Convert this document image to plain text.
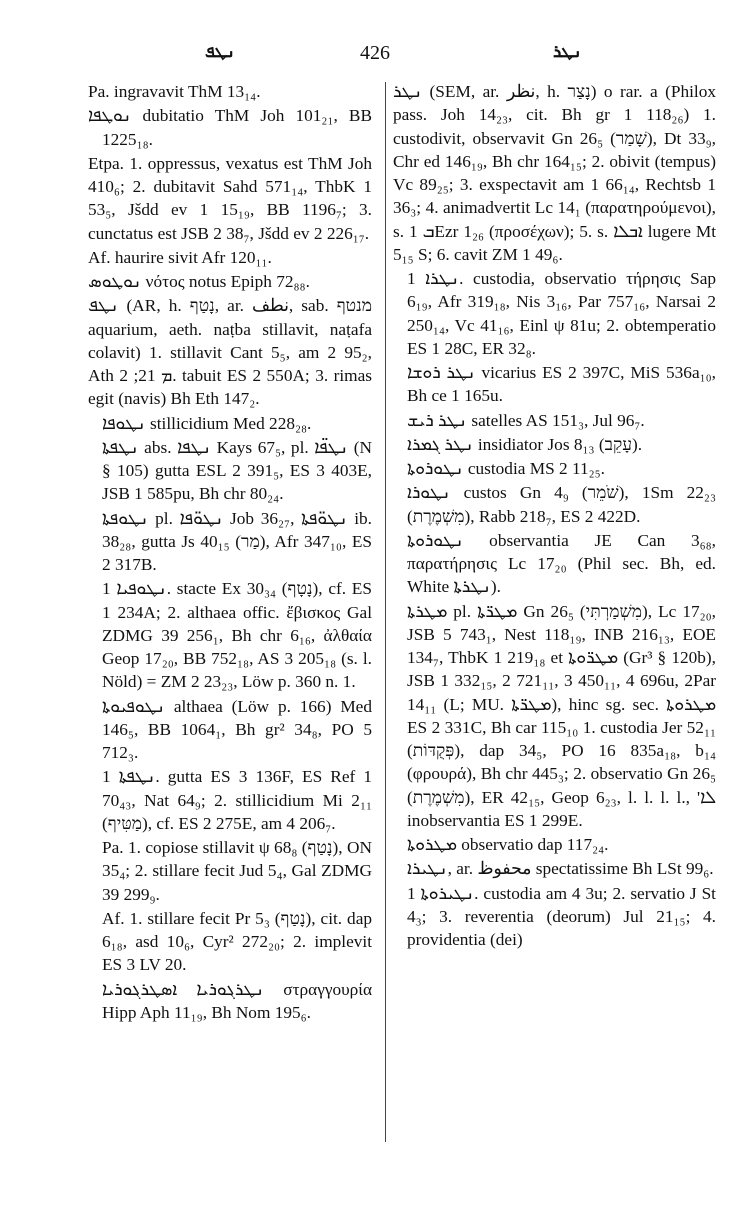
ܢܛܦ	426	ܢܛܪ

Pa. ingravavit ThM 13₁₄.

ܢܘܛܦܐ dubitatio ThM Joh 101₂₁, BB 1225₁₈.

Etpa. 1. oppressus, vexatus est ThM Joh 410₆; 2. dubitavit Sahd 571₁₄, ThbK 1 53₅, Jšdd ev 1 15₁₉, BB 1196₇; 3. cunctatus est JSB 2 38₇, Jšdd ev 2 226₁₇.

Af. haurire sivit Afr 120₁₁.

ܢܘܛܘܣ νότος notus Epiph 72₈₈.

ܢܛܦ (AR, h. נָטַף, ar. نطف, sab. מנטף aquarium, aeth. naṭba stillavit, naṭafa colavit) 1. stillavit Cant 5₅, am 2 95₂, Ath ܡ 21; 2. tabuit ES 2 550A; 3. rimas egit (navis) Bh Eth 147₂.

ܢܛܘܦܐ stillicidium Med 228₂₈.

ܢܛܦܬܐ abs. ܢܛܦܐ Kays 67₅, pl. ܢܛܦ̈ܐ (N § 105) gutta ESL 2 391₅, ES 3 403E, JSB 1 585pu, Bh chr 80₂₄.

ܢܛܘܦܬܐ pl. ܢܛܘ̈ܦܐ Job 36₂₇, ܢܛܘ̈ܦܬܐ ib. 38₂₈, gutta Js 40₁₅ (מַר), Afr 347₁₀, ES 2 317B.

ܢܛܘܦܝܐ 1. stacte Ex 30₃₄ (נָטָף), cf. ES 1 234A; 2. althaea offic. ἔβισκος Gal ZDMG 39 256₁, Bh chr 6₁₆, ἀλθαία Geop 17₂₀, BB 752₁₈, AS 3 205₁₈ (s. l. Nöld) = ZM 2 23₂₃, Löw p. 360 n. 1.

ܢܛܘܦܝܘܬܐ althaea (Löw p. 166) Med 146₅, BB 1064₁, Bh gr² 34₈, PO 5 712₃.

ܢܛܦܬܐ 1. gutta ES 3 136F, ES Ref 1 70₄₃, Nat 64₉; 2. stillicidium Mi 2₁₁ (מַטִּיף), cf. ES 2 275E, am 4 206₇.

Pa. 1. copiose stillavit ψ 68₈ (נָטַף), ON 35₄; 2. stillare fecit Jud 5₄, Gal ZDMG 39 299₉.

Af. 1. stillare fecit Pr 5₃ (נָטַף), cit. dap 6₁₈, asd 10₆, Cyr² 272₂₀; 2. implevit ES 3 LV 20.

ܢܛܪܓܘܪܝܐ ܐܣܛܪܓܘܪܝܐ στραγγουρία Hipp Aph 11₁₉, Bh Nom 195₆.

ܢܛܪ (SEM, ar. نظر, h. נָצַר) o rar. a (Philox pass. Joh 14₂₃, cit. Bh gr 1 118₂₆) 1. custodivit, observavit Gn 26₅ (שָׁמַר), Dt 33₉, Chr ed 146₁₉, Bh chr 164₁₅; 2. obivit (tempus) Vc 89₂₅; 3. exspectavit am 1 66₁₄, Rechtsb 1 36₃; 4. animadvertit Lc 14₁ (παρατηρούμενοι), s. ܒ 1Ezr 1₂₆ (προσέχων); 5. s. ܐܒܠܐ lugere Mt 5₁₅ S; 6. cavit ZM 1 49₆.

ܢܛܪܐ 1. custodia, observatio τήρησις Sap 6₁₉, Afr 319₁₈, Nis 3₁₆, Par 757₁₆, Narsai 2 250₁₄, Vc 41₁₆, Einl ψ 81u; 2. obtemperatio ES 1 28C, ER 32₈.

ܢܛܪ ܪܘܫܐ vicarius ES 2 397C, MiS 536a₁₀, Bh ce 1 165u.

ܢܛܪ ܪܝܫ satelles AS 151₃, Jul 96₇.

ܢܛܪ ܓܡܪܐ insidiator Jos 8₁₃ (עָקֵב).

ܢܛܘܪܘܬܐ custodia MS 2 11₂₅.

ܢܛܘܪܐ custos Gn 4₉ (שֹׁמֵר), 1Sm 22₂₃ (מִשְׁמֶרֶת), Rabb 218₇, ES 2 422D.

ܢܛܘܪܘܬܐ observantia JE Can 3₆₈, παρατήρησις Lc 17₂₀ (Phil sec. Bh, ed. White ܢܛܪܬܐ).

ܡܛܪܬܐ pl. ܡܛܪ̈ܬܐ Gn 26₅ (מִשְׁמַרְתִּי), Lc 17₂₀, JSB 5 743₁, Nest 118₁₉, INB 216₁₃, EOE 134₇, ThbK 1 219₁₈ et ܡܛܪ̈ܘܬܐ (Gr³ § 120b), JSB 1 332₁₅, 2 721₁₁, 3 450₁₁, 4 696u, 2Par 14₁₁ (L; MU. ܡܛܪ̈ܬܐ), hinc sg. sec. ܡܛܪܘܬܐ ES 2 331C, Bh car 115₁₀ 1. custodia Jer 52₁₁ (פְּקֻדּוֹת), dap 34₅, PO 16 835a₁₈, b₁₄ (φρουρά), Bh chr 445₃; 2. observatio Gn 26₅ (מִשְׁמֶרֶת), ER 42₁₅, Geop 6₂₃, l. l. l. l., 'ܠܐ inobservantia ES 1 299E.

ܡܛܪܘܬܐ observatio dap 117₂₄.

ܢܛܝܪܐ, ar. محفوظ spectatissime Bh LSt 99₆.

ܢܛܝܪܘܬܐ 1. custodia am 4 3u; 2. servatio J St 4₃; 3. reverentia (deorum) Jul 21₁₅; 4. providentia (dei)
